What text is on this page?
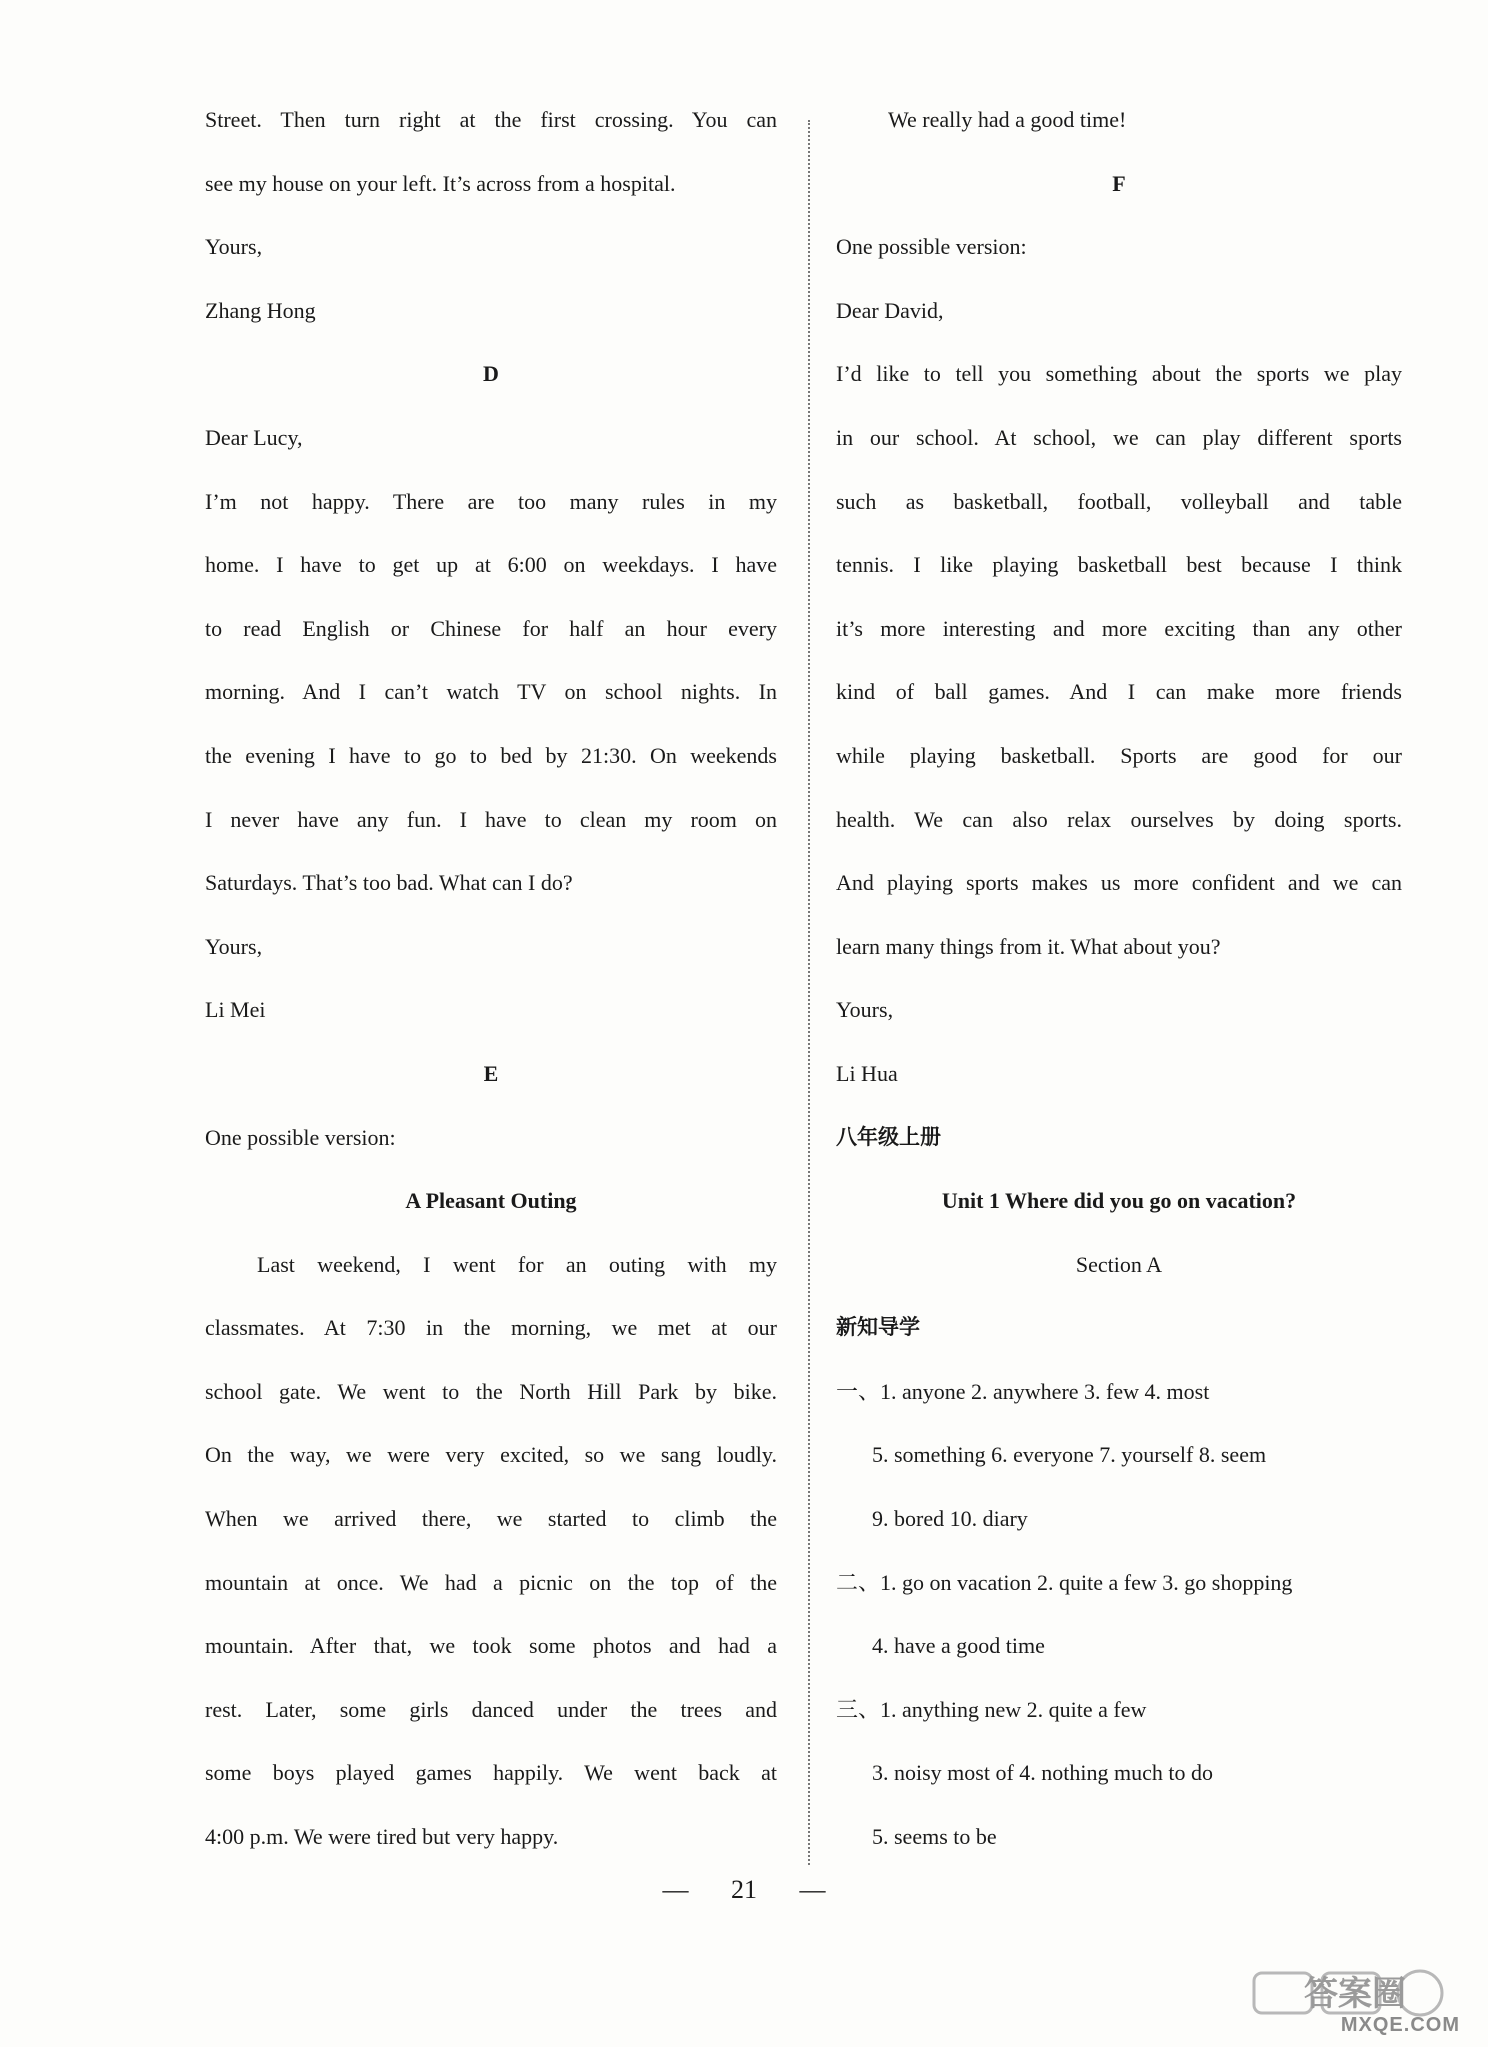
Street. Then turn right at the first crossing. You can
see my house on your left. It’s across from a hospital.
Yours,
Zhang Hong
D
Dear Lucy,
I’m not happy. There are too many rules in my
home. I have to get up at 6:00 on weekdays. I have
to read English or Chinese for half an hour every
morning. And I can’t watch TV on school nights. In
the evening I have to go to bed by 21:30. On weekends
I never have any fun. I have to clean my room on
Saturdays. That’s too bad. What can I do?
Yours,
Li Mei
E
One possible version:
A Pleasant Outing
Last weekend, I went for an outing with my
classmates. At 7:30 in the morning, we met at our
school gate. We went to the North Hill Park by bike.
On the way, we were very excited, so we sang loudly.
When we arrived there, we started to climb the
mountain at once. We had a picnic on the top of the
mountain. After that, we took some photos and had a
rest. Later, some girls danced under the trees and
some boys played games happily. We went back at
4:00 p.m. We were tired but very happy.
We really had a good time!
F
One possible version:
Dear David,
I’d like to tell you something about the sports we play
in our school. At school, we can play different sports
such as basketball, football, volleyball and table
tennis. I like playing basketball best because I think
it’s more interesting and more exciting than any other
kind of ball games. And I can make more friends
while playing basketball. Sports are good for our
health. We can also relax ourselves by doing sports.
And playing sports makes us more confident and we can
learn many things from it. What about you?
Yours,
Li Hua
八年级上册
Unit 1 Where did you go on vacation?
Section A
新知导学
一、1. anyone 2. anywhere 3. few 4. most
5. something 6. everyone 7. yourself 8. seem
9. bored 10. diary
二、1. go on vacation 2. quite a few 3. go shopping
4. have a good time
三、1. anything new 2. quite a few
3. noisy most of 4. nothing much to do
5. seems to be
— 21 —
答案圈
MXQE.COM
